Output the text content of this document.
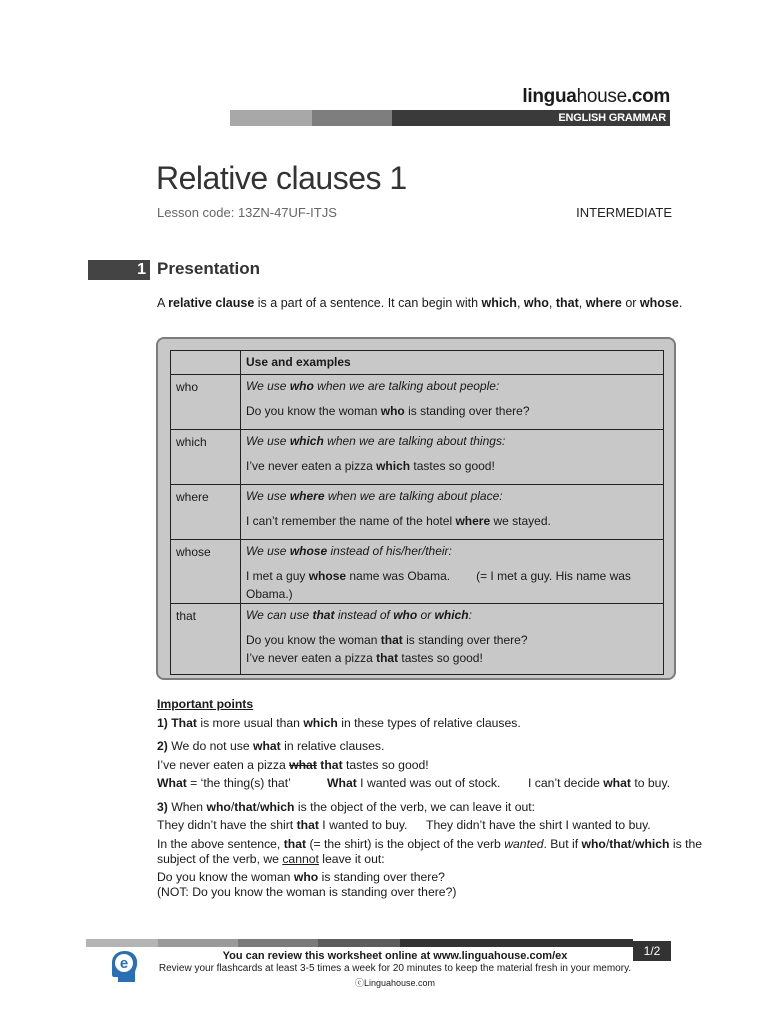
linguahouse.com
ENGLISH GRAMMAR
Relative clauses 1
Lesson code: 13ZN-47UF-ITJS	INTERMEDIATE
1 Presentation
A relative clause is a part of a sentence. It can begin with which, who, that, where or whose.
	Use and examples
who	We use who when we are talking about people:
Do you know the woman who is standing over there?

which	We use which when we are talking about things:
I’ve never eaten a pizza which tastes so good!

where	We use where when we are talking about place:
I can’t remember the name of the hotel where we stayed.

whose	We use whose instead of his/her/their:
I met a guy whose name was Obama. (= I met a guy. His name was Obama.)

that	We can use that instead of who or which:
Do you know the woman that is standing over there?
I’ve never eaten a pizza that tastes so good!
Important points
1) That is more usual than which in these types of relative clauses.
2) We do not use what in relative clauses.
I’ve never eaten a pizza what that tastes so good!
What = ‘the thing(s) that’	What I wanted was out of stock. I can’t decide what to buy.
3) When who/that/which is the object of the verb, we can leave it out:
They didn’t have the shirt that I wanted to buy. They didn’t have the shirt I wanted to buy.
In the above sentence, that (= the shirt) is the object of the verb wanted. But if who/that/which is the
subject of the verb, we cannot leave it out:
Do you know the woman who is standing over there?
(NOT: Do you know the woman is standing over there?)
1/2
e	You can review this worksheet online at www.linguahouse.com/ex
Review your flashcards at least 3-5 times a week for 20 minutes to keep the material fresh in your memory.
ⓒLinguahouse.com
